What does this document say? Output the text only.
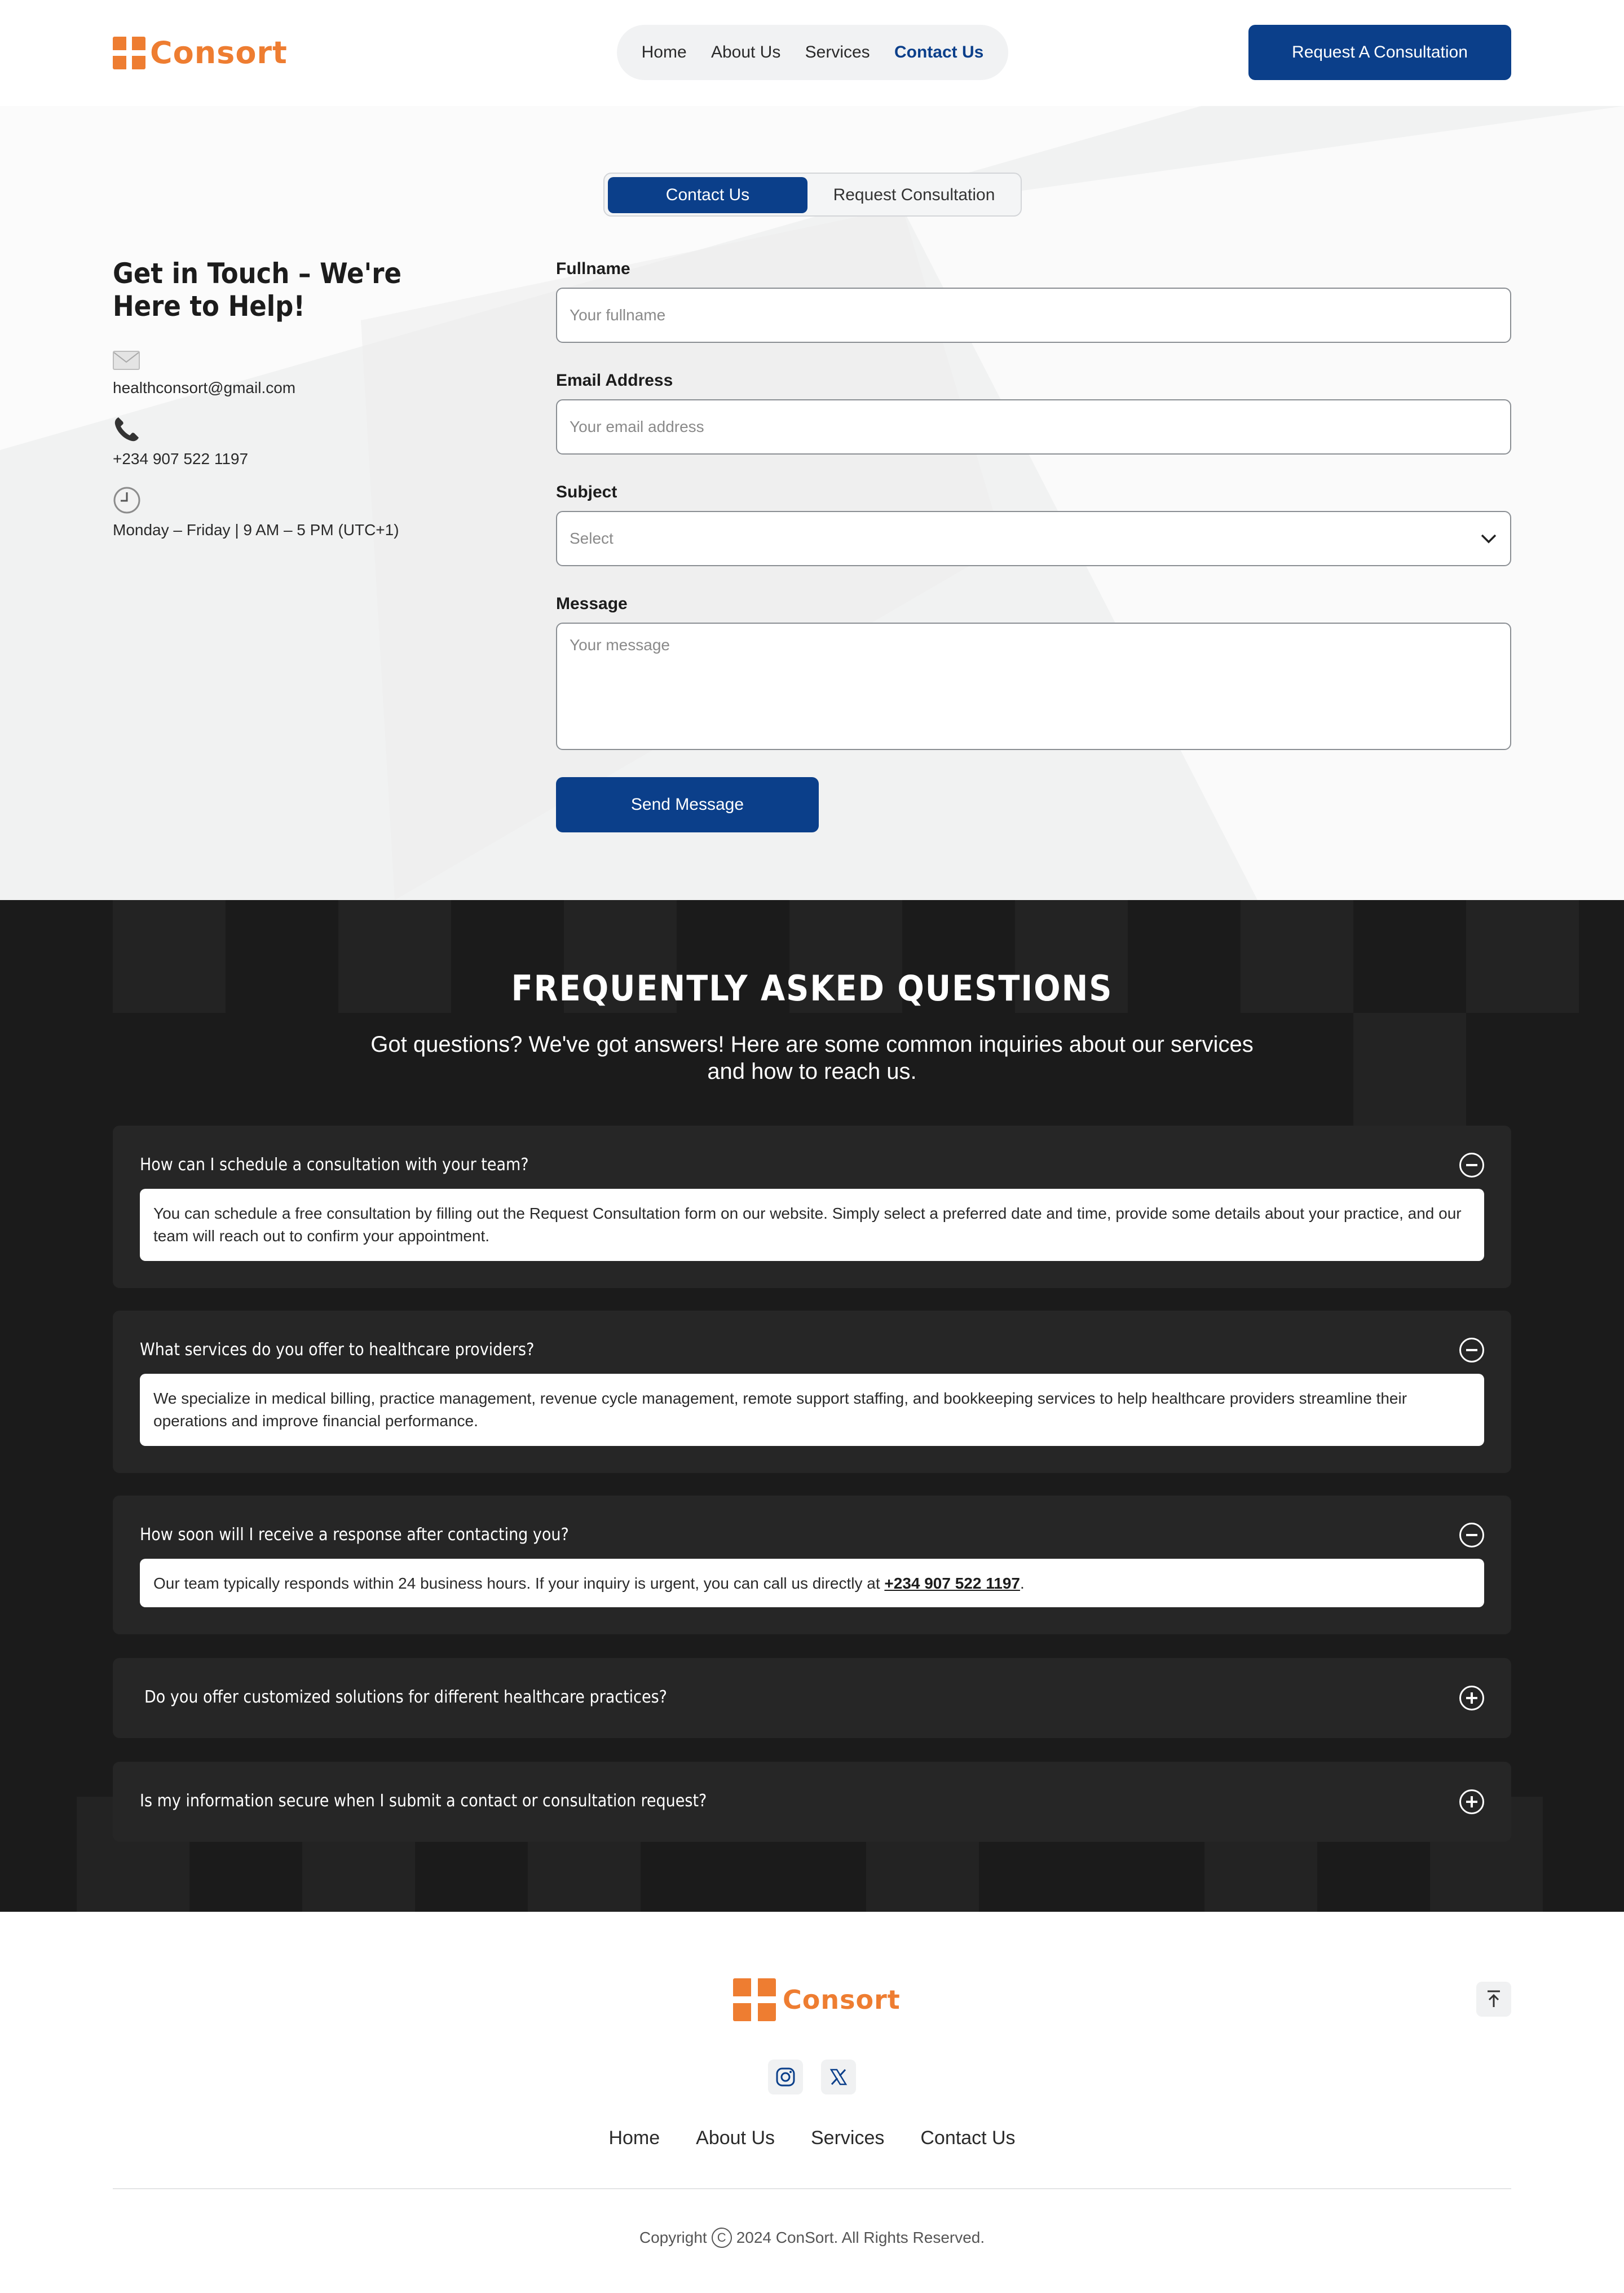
Consort	Home About Us Services Contact Us	Request A Consultation
Contact Us	Request Consultation
Get in Touch – We're Here to Help!
healthconsort@gmail.com
+234 907 522 1197
Monday – Friday | 9 AM – 5 PM (UTC+1)
Fullname
Your fullname
Email Address
Your email address
Subject
Select
Message
Your message
Send Message
FREQUENTLY ASKED QUESTIONS

Got questions? We've got answers! Here are some common inquiries about our services and how to reach us.

How can I schedule a consultation with your team?
You can schedule a free consultation by filling out the Request Consultation form on our website. Simply select a preferred date and time, provide some details about your practice, and our team will reach out to confirm your appointment.
What services do you offer to healthcare providers?
We specialize in medical billing, practice management, revenue cycle management, remote support staffing, and bookkeeping services to help healthcare providers streamline their operations and improve financial performance.
How soon will I receive a response after contacting you?
Our team typically responds within 24 business hours. If your inquiry is urgent, you can call us directly at +234 907 522 1197.
Do you offer customized solutions for different healthcare practices?
Is my information secure when I submit a contact or consultation request?
Consort
Home About Us Services Contact Us
Copyright C 2024 ConSort. All Rights Reserved.
